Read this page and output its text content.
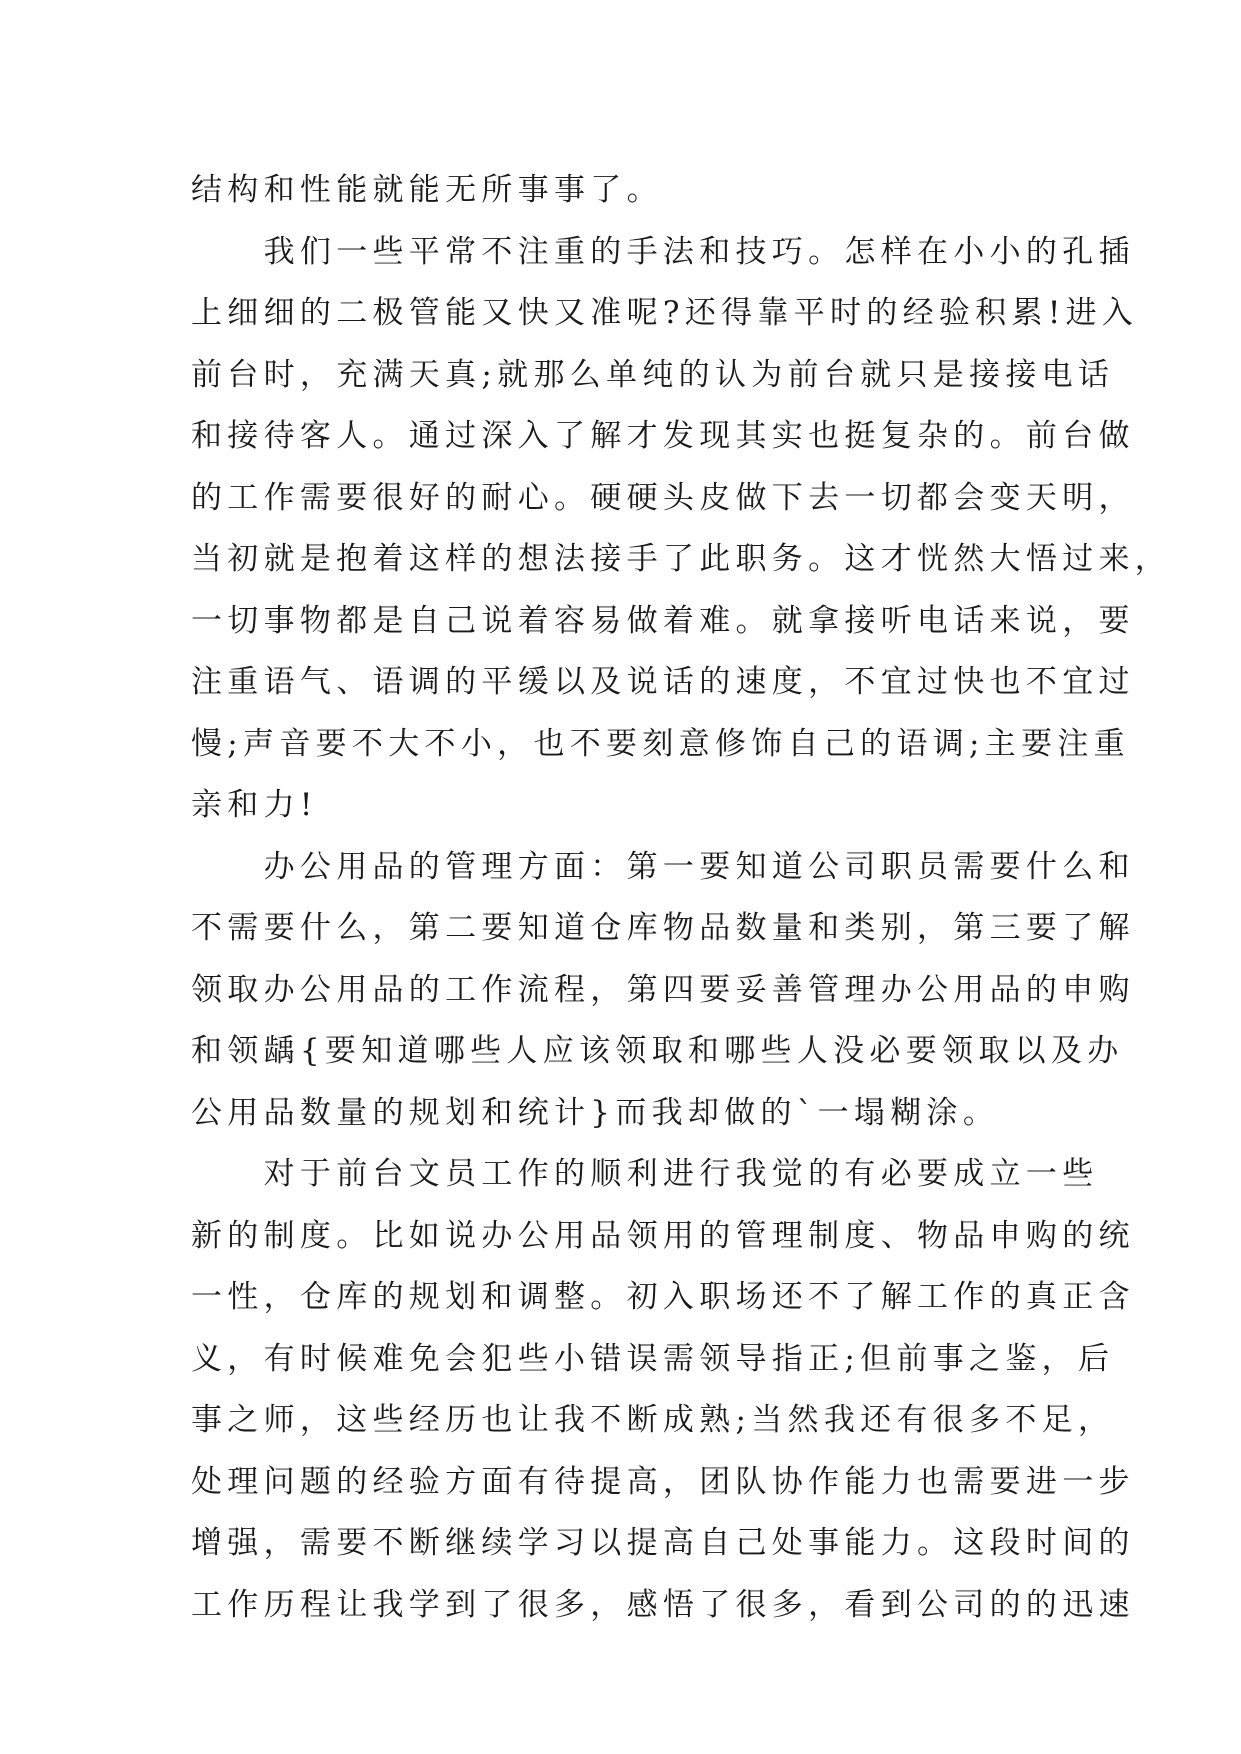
结构和性能就能无所事事了。
　　我们一些平常不注重的手法和技巧。怎样在小小的孔插
上细细的二极管能又快又准呢?还得靠平时的经验积累!进入
前台时，充满天真;就那么单纯的认为前台就只是接接电话
和接待客人。通过深入了解才发现其实也挺复杂的。前台做
的工作需要很好的耐心。硬硬头皮做下去一切都会变天明，
当初就是抱着这样的想法接手了此职务。这才恍然大悟过来，
一切事物都是自己说着容易做着难。就拿接听电话来说，要
注重语气、语调的平缓以及说话的速度，不宜过快也不宜过
慢;声音要不大不小，也不要刻意修饰自己的语调;主要注重
亲和力!
　　办公用品的管理方面：第一要知道公司职员需要什么和
不需要什么，第二要知道仓库物品数量和类别，第三要了解
领取办公用品的工作流程，第四要妥善管理办公用品的申购
和领龋{要知道哪些人应该领取和哪些人没必要领取以及办
公用品数量的规划和统计}而我却做的`一塌糊涂。
　　对于前台文员工作的顺利进行我觉的有必要成立一些
新的制度。比如说办公用品领用的管理制度、物品申购的统
一性，仓库的规划和调整。初入职场还不了解工作的真正含
义，有时候难免会犯些小错误需领导指正;但前事之鉴，后
事之师，这些经历也让我不断成熟;当然我还有很多不足，
处理问题的经验方面有待提高，团队协作能力也需要进一步
增强，需要不断继续学习以提高自己处事能力。这段时间的
工作历程让我学到了很多，感悟了很多，看到公司的的迅速
